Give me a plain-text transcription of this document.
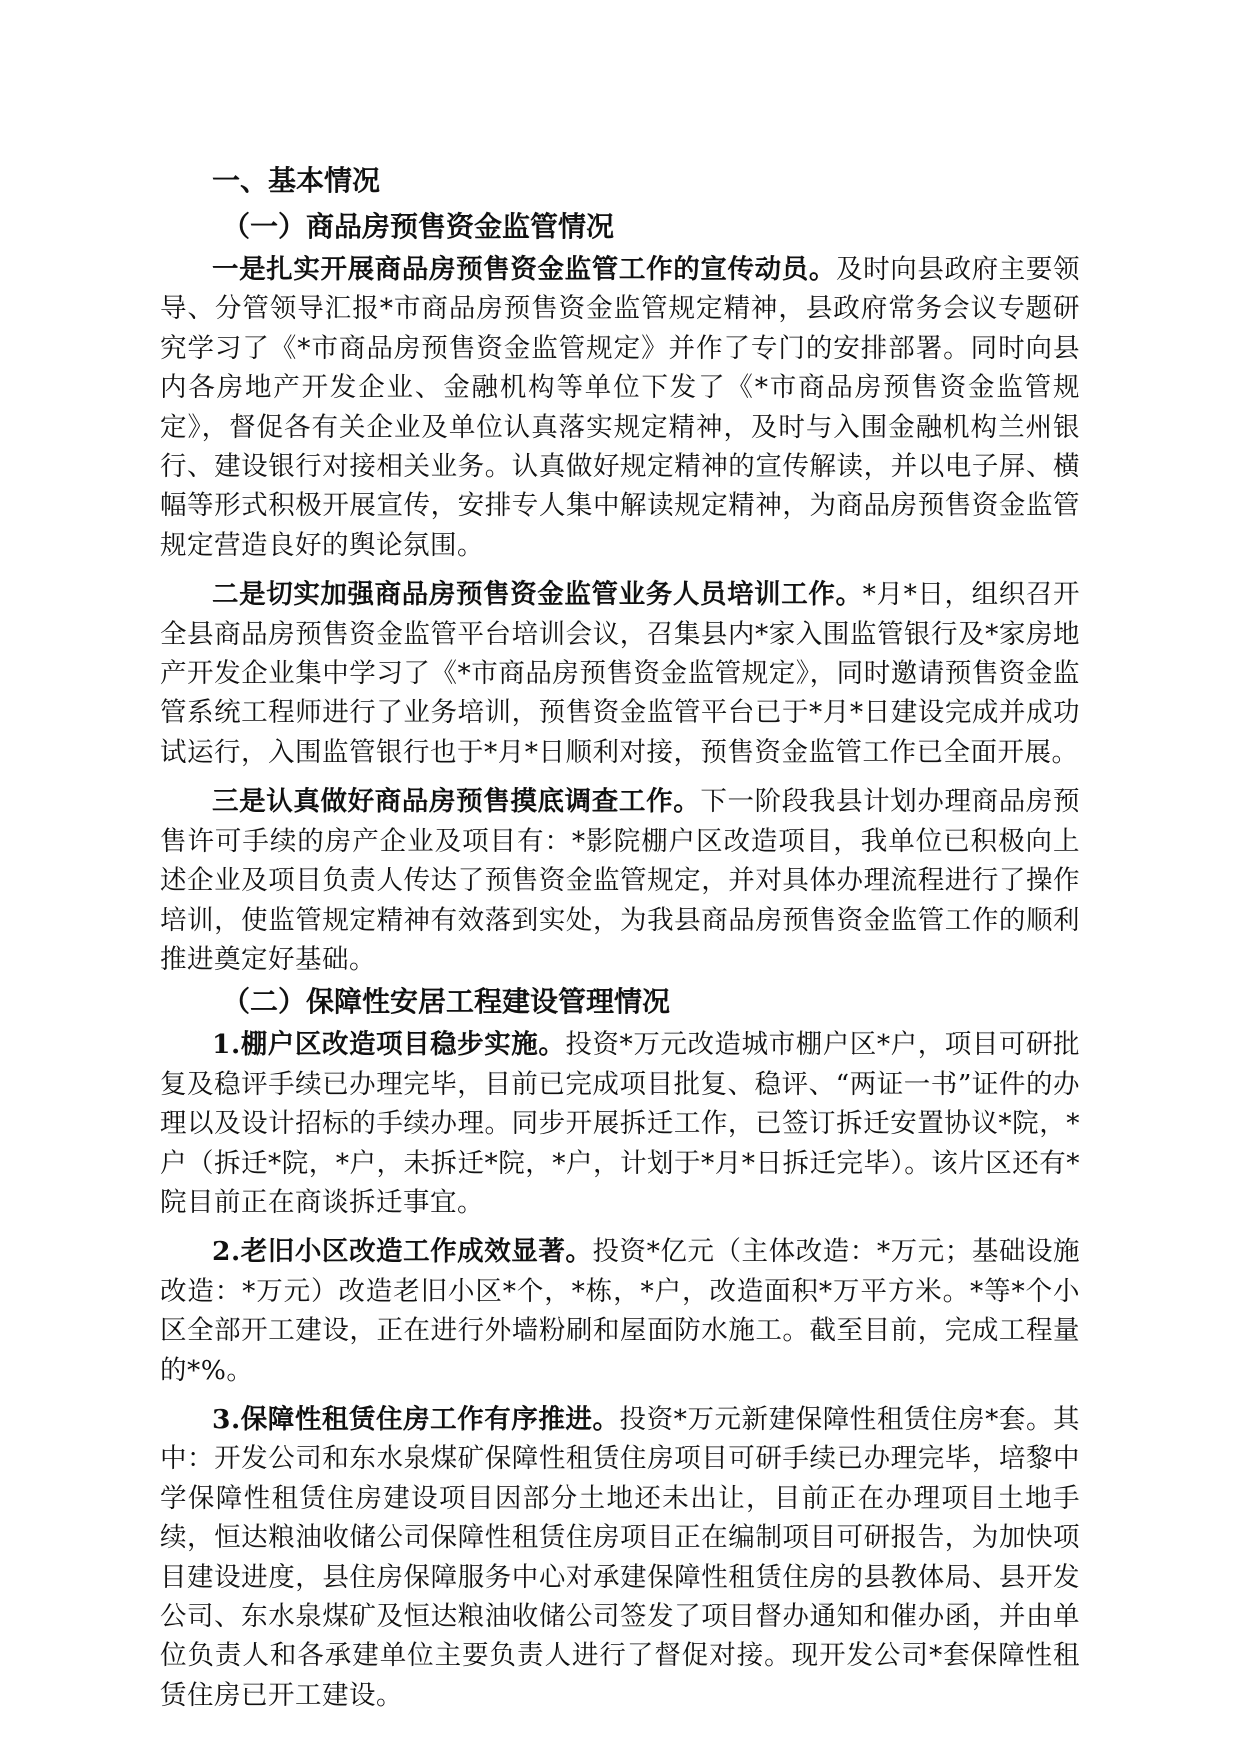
一、基本情况

（一）商品房预售资金监管情况

一是扎实开展商品房预售资金监管工作的宣传动员。及时向县政府主要领导、分管领导汇报*市商品房预售资金监管规定精神，县政府常务会议专题研究学习了《*市商品房预售资金监管规定》并作了专门的安排部署。同时向县内各房地产开发企业、金融机构等单位下发了《*市商品房预售资金监管规定》，督促各有关企业及单位认真落实规定精神，及时与入围金融机构兰州银行、建设银行对接相关业务。认真做好规定精神的宣传解读，并以电子屏、横幅等形式积极开展宣传，安排专人集中解读规定精神，为商品房预售资金监管规定营造良好的舆论氛围。

二是切实加强商品房预售资金监管业务人员培训工作。*月*日，组织召开全县商品房预售资金监管平台培训会议，召集县内*家入围监管银行及*家房地产开发企业集中学习了《*市商品房预售资金监管规定》，同时邀请预售资金监管系统工程师进行了业务培训，预售资金监管平台已于*月*日建设完成并成功试运行，入围监管银行也于*月*日顺利对接，预售资金监管工作已全面开展。

三是认真做好商品房预售摸底调查工作。下一阶段我县计划办理商品房预售许可手续的房产企业及项目有：*影院棚户区改造项目，我单位已积极向上述企业及项目负责人传达了预售资金监管规定，并对具体办理流程进行了操作培训，使监管规定精神有效落到实处，为我县商品房预售资金监管工作的顺利推进奠定好基础。

（二）保障性安居工程建设管理情况

1.棚户区改造项目稳步实施。投资*万元改造城市棚户区*户，项目可研批复及稳评手续已办理完毕，目前已完成项目批复、稳评、“两证一书”证件的办理以及设计招标的手续办理。同步开展拆迁工作，已签订拆迁安置协议*院，*户（拆迁*院，*户，未拆迁*院，*户，计划于*月*日拆迁完毕）。该片区还有*院目前正在商谈拆迁事宜。

2.老旧小区改造工作成效显著。投资*亿元（主体改造：*万元；基础设施改造：*万元）改造老旧小区*个，*栋，*户，改造面积*万平方米。*等*个小区全部开工建设，正在进行外墙粉刷和屋面防水施工。截至目前，完成工程量的*%。

3.保障性租赁住房工作有序推进。投资*万元新建保障性租赁住房*套。其中：开发公司和东水泉煤矿保障性租赁住房项目可研手续已办理完毕，培黎中学保障性租赁住房建设项目因部分土地还未出让，目前正在办理项目土地手续，恒达粮油收储公司保障性租赁住房项目正在编制项目可研报告，为加快项目建设进度，县住房保障服务中心对承建保障性租赁住房的县教体局、县开发公司、东水泉煤矿及恒达粮油收储公司签发了项目督办通知和催办函，并由单位负责人和各承建单位主要负责人进行了督促对接。现开发公司*套保障性租赁住房已开工建设。
